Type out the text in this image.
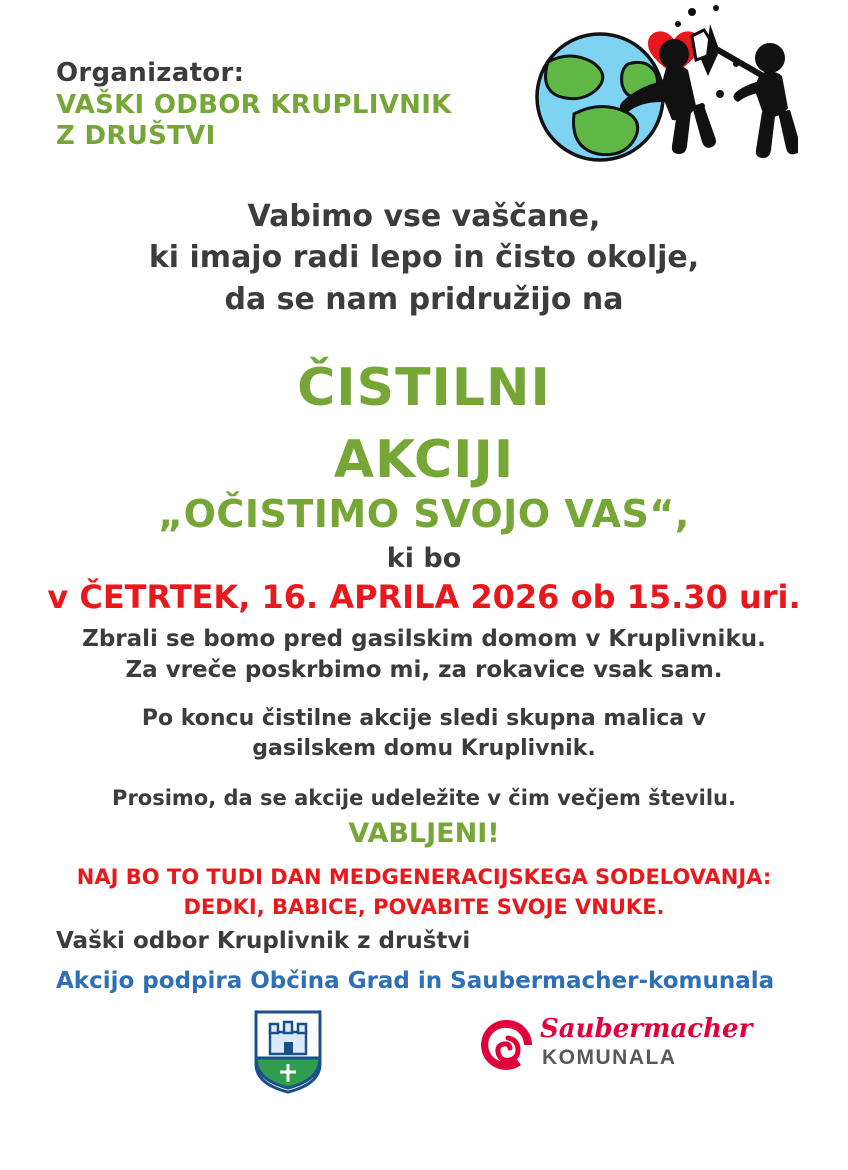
Organizator:
VAŠKI ODBOR KRUPLIVNIK
Z DRUŠTVI
Vabimo vse vaščane,
ki imajo radi lepo in čisto okolje,
da se nam pridružijo na
ČISTILNI
AKCIJI
„OČISTIMO SVOJO VAS“,
ki bo
v ČETRTEK, 16. APRILA 2026 ob 15.30 uri.
Zbrali se bomo pred gasilskim domom v Kruplivniku.
Za vreče poskrbimo mi, za rokavice vsak sam.
Po koncu čistilne akcije sledi skupna malica v
gasilskem domu Kruplivnik.
Prosimo, da se akcije udeležite v čim večjem številu.
VABLJENI!
NAJ BO TO TUDI DAN MEDGENERACIJSKEGA SODELOVANJA:
DEDKI, BABICE, POVABITE SVOJE VNUKE.
Vaški odbor Kruplivnik z društvi
Akcijo podpira Občina Grad in Saubermacher-komunala
Saubermacher
KOMUNALA
